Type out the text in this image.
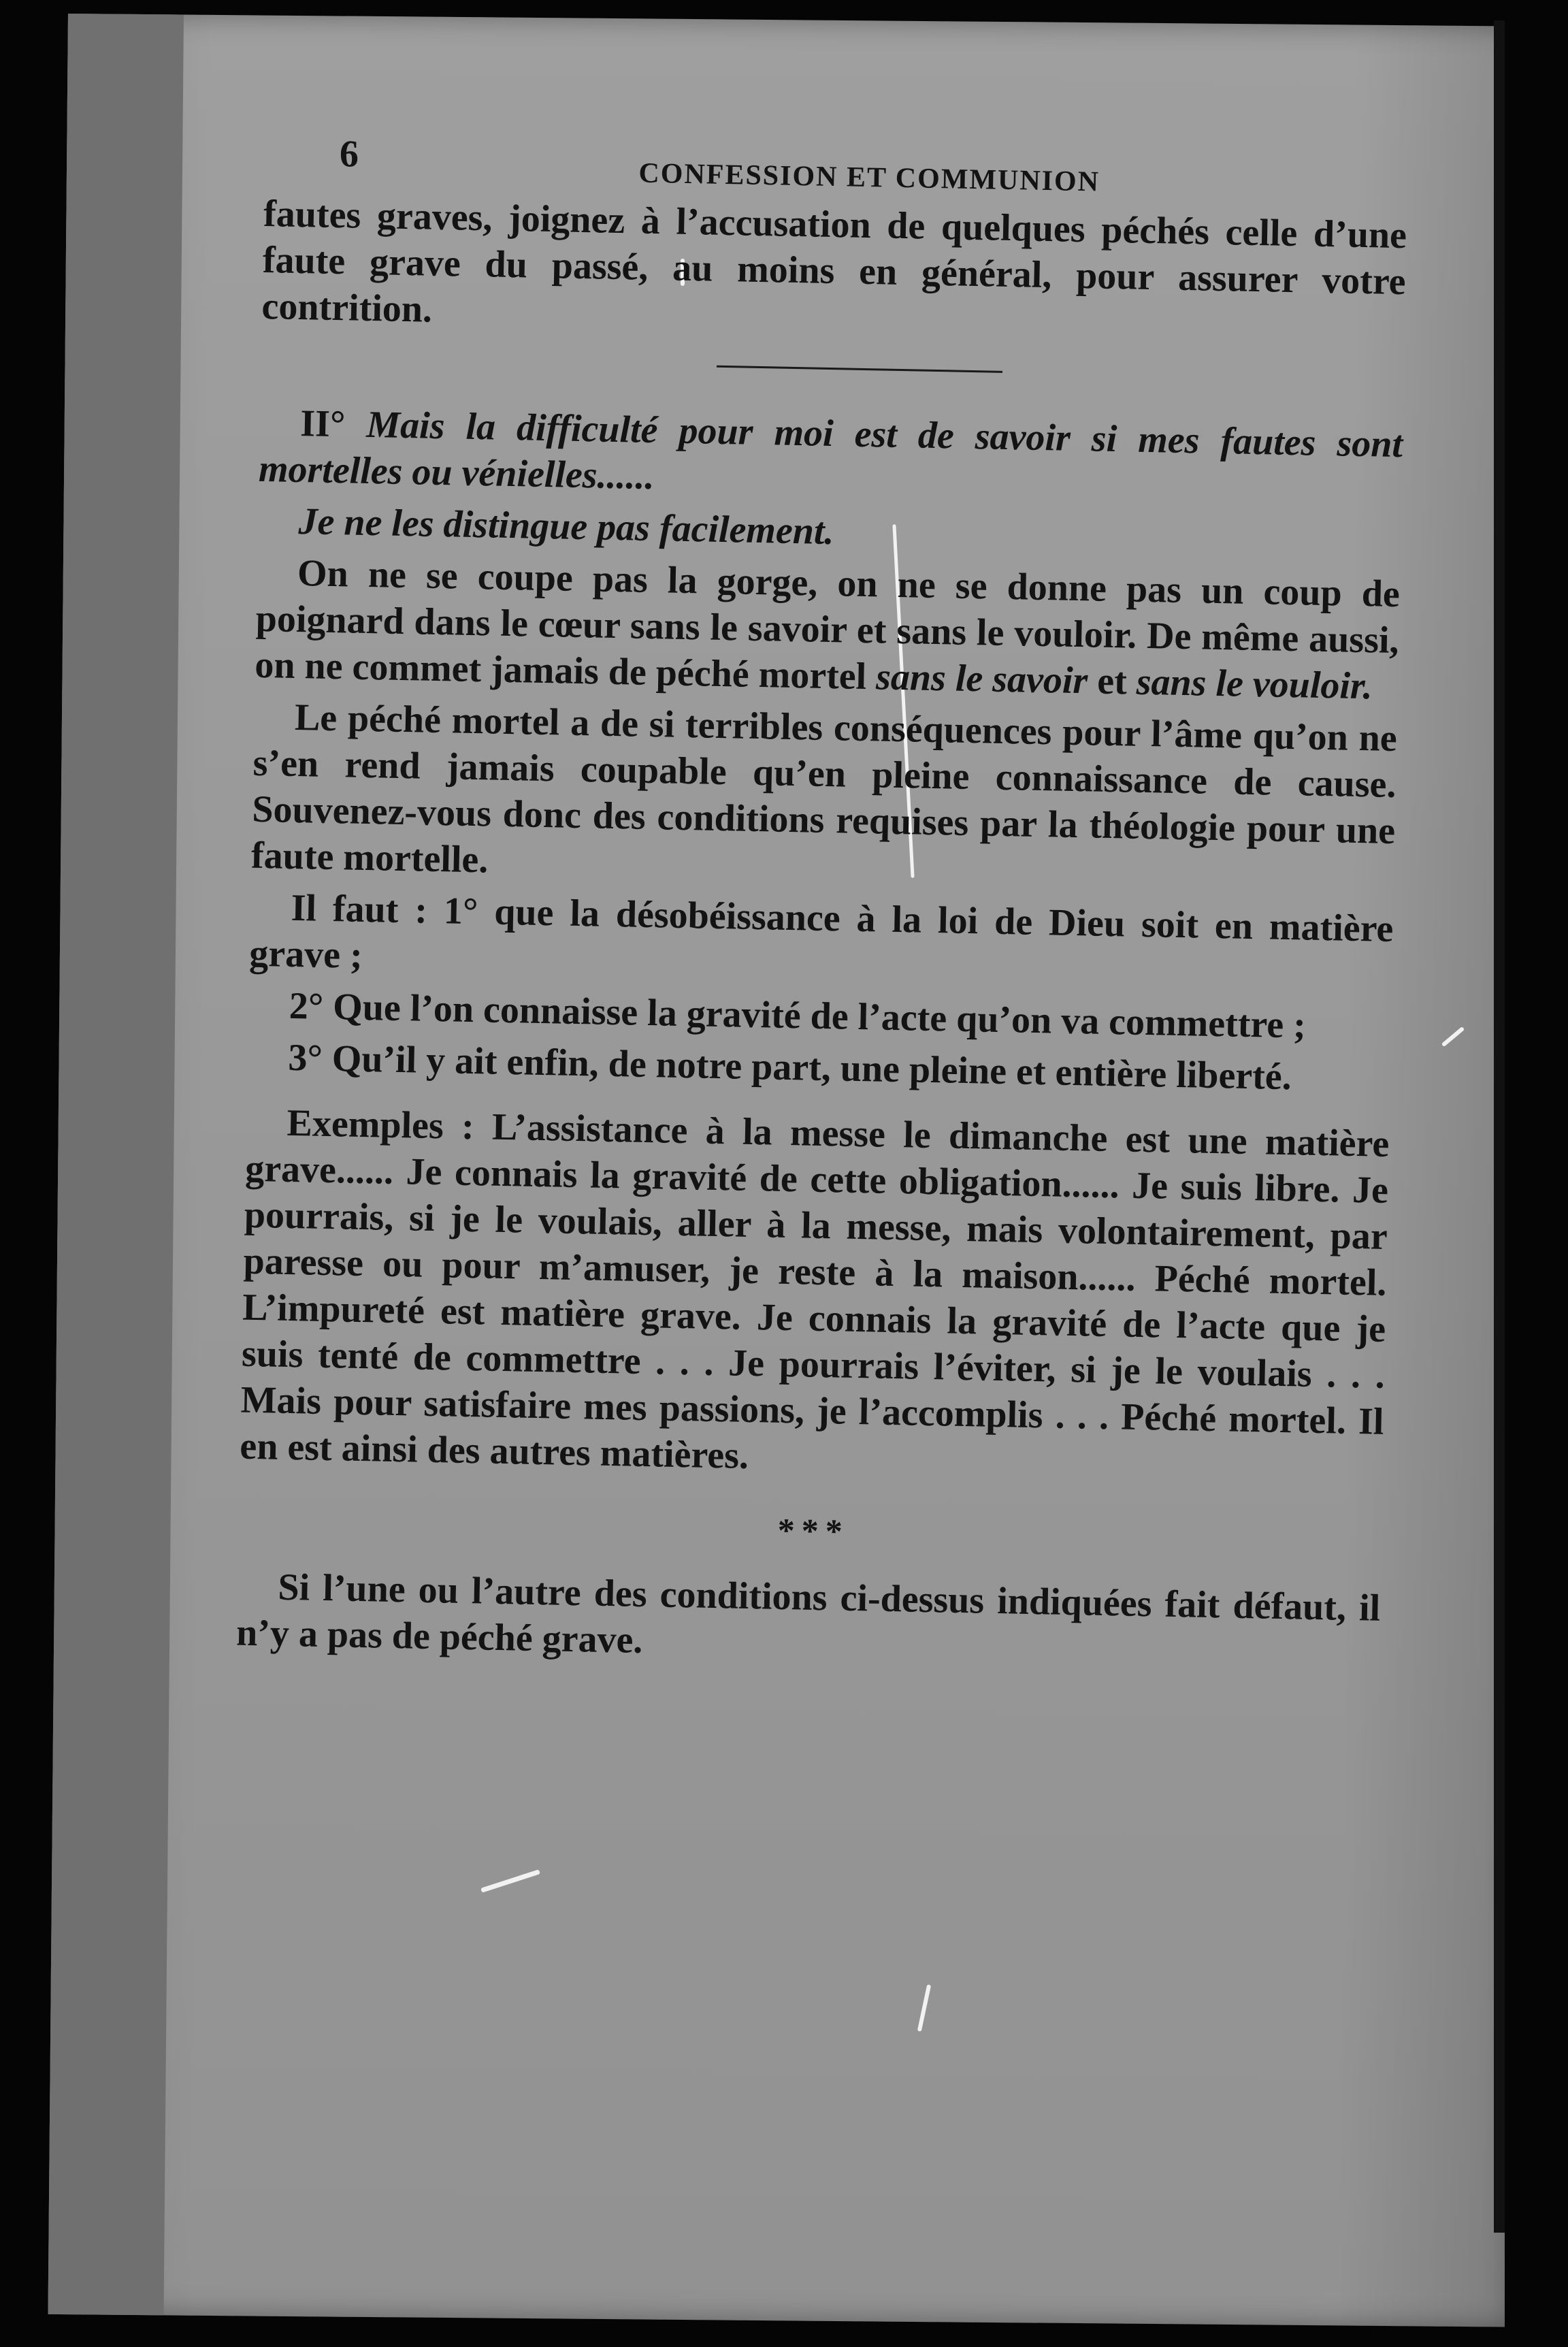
6
CONFESSION ET COMMUNION

fautes graves, joignez à l’accusation de quelques péchés celle d’une faute grave du passé, au moins en général, pour assurer votre contrition.

II° Mais la difficulté pour moi est de savoir si mes fautes sont mortelles ou vénielles......

Je ne les distingue pas facilement.

On ne se coupe pas la gorge, on ne se donne pas un coup de poignard dans le cœur sans le savoir et sans le vouloir. De même aussi, on ne commet jamais de péché mortel sans le savoir et sans le vouloir.

Le péché mortel a de si terribles conséquences pour l’âme qu’on ne s’en rend jamais coupable qu’en pleine connaissance de cause. Souvenez-vous donc des conditions requises par la théologie pour une faute mortelle.

Il faut : 1° que la désobéissance à la loi de Dieu soit en matière grave ;

2° Que l’on connaisse la gravité de l’acte qu’on va commettre ;

3° Qu’il y ait enfin, de notre part, une pleine et entière liberté.

Exemples : L’assistance à la messe le dimanche est une matière grave...... Je connais la gravité de cette obligation...... Je suis libre. Je pourrais, si je le voulais, aller à la messe, mais volontairement, par paresse ou pour m’amuser, je reste à la maison...... Péché mortel. L’impureté est matière grave. Je connais la gravité de l’acte que je suis tenté de commettre . . . Je pourrais l’éviter, si je le voulais . . . Mais pour satisfaire mes passions, je l’accomplis . . . Péché mortel. Il en est ainsi des autres matières.

* * *

Si l’une ou l’autre des conditions ci-dessus indiquées fait défaut, il n’y a pas de péché grave.
